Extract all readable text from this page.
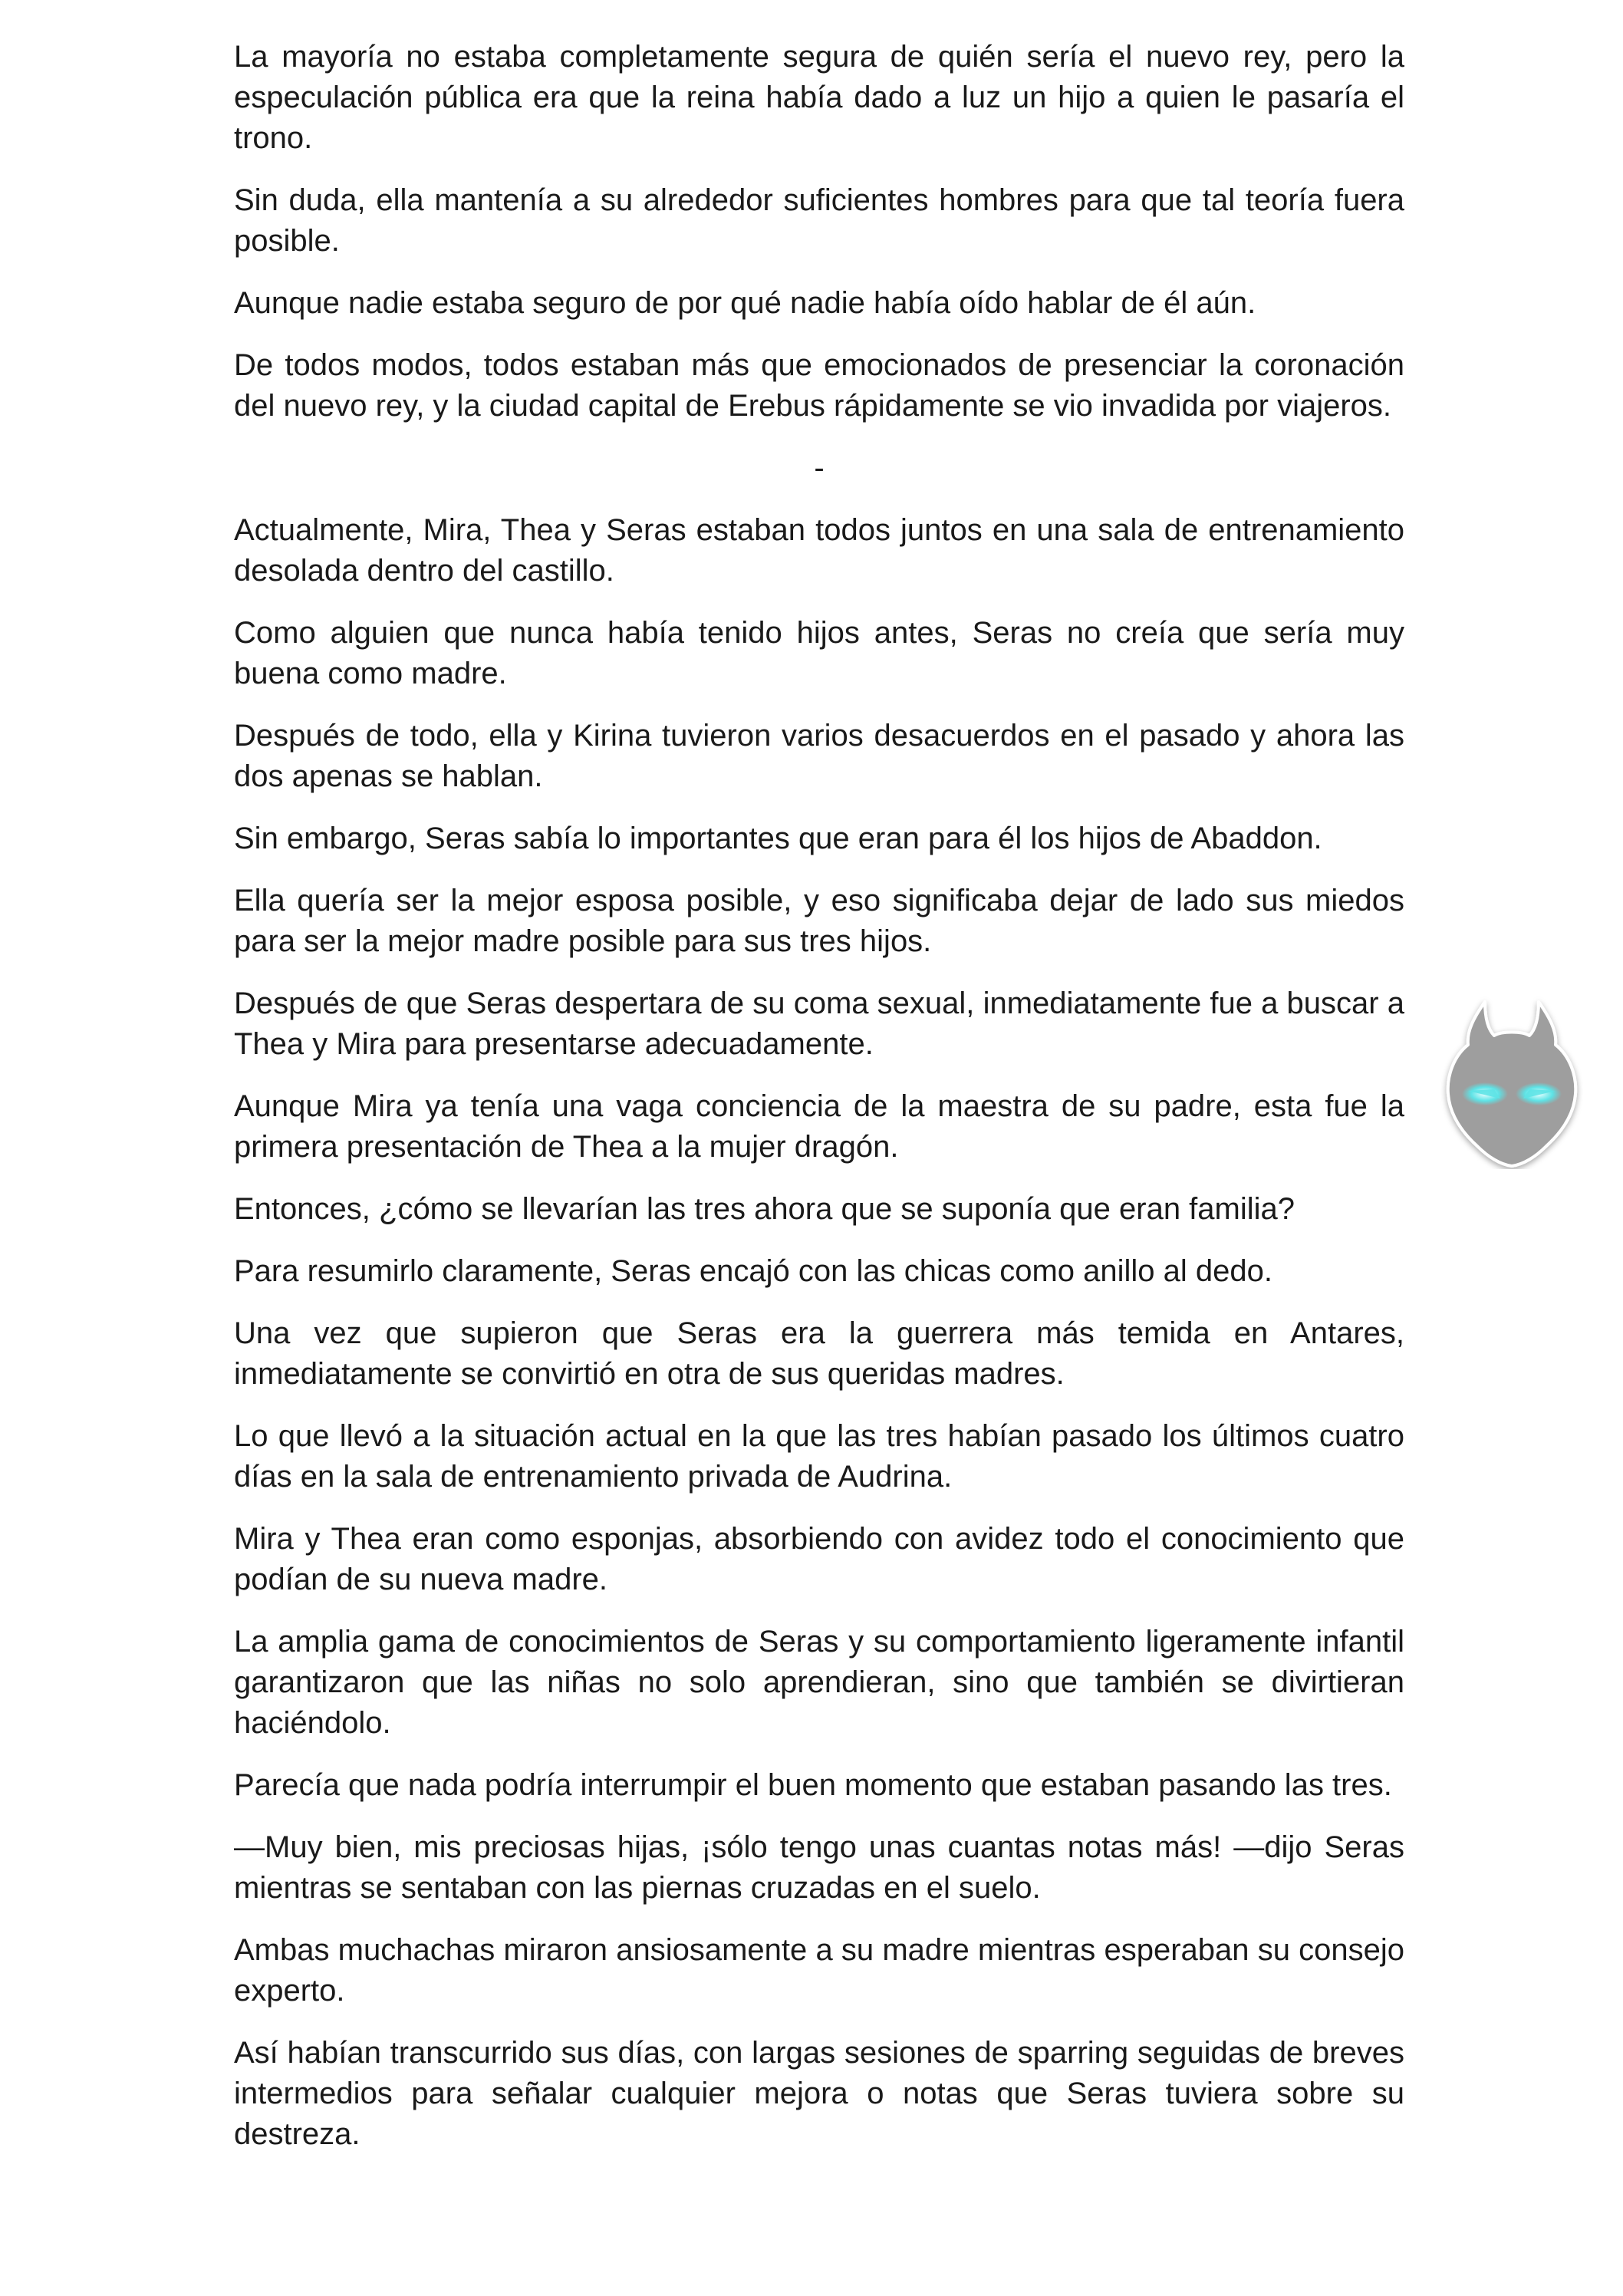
La mayoría no estaba completamente segura de quién sería el nuevo rey, pero la especulación pública era que la reina había dado a luz un hijo a quien le pasaría el trono.

Sin duda, ella mantenía a su alrededor suficientes hombres para que tal teoría fuera posible.

Aunque nadie estaba seguro de por qué nadie había oído hablar de él aún.

De todos modos, todos estaban más que emocionados de presenciar la coronación del nuevo rey, y la ciudad capital de Erebus rápidamente se vio invadida por viajeros.

-

Actualmente, Mira, Thea y Seras estaban todos juntos en una sala de entrenamiento desolada dentro del castillo.

Como alguien que nunca había tenido hijos antes, Seras no creía que sería muy buena como madre.

Después de todo, ella y Kirina tuvieron varios desacuerdos en el pasado y ahora las dos apenas se hablan.

Sin embargo, Seras sabía lo importantes que eran para él los hijos de Abaddon.

Ella quería ser la mejor esposa posible, y eso significaba dejar de lado sus miedos para ser la mejor madre posible para sus tres hijos.

Después de que Seras despertara de su coma sexual, inmediatamente fue a buscar a Thea y Mira para presentarse adecuadamente.

Aunque Mira ya tenía una vaga conciencia de la maestra de su padre, esta fue la primera presentación de Thea a la mujer dragón.

Entonces, ¿cómo se llevarían las tres ahora que se suponía que eran familia?

Para resumirlo claramente, Seras encajó con las chicas como anillo al dedo.

Una vez que supieron que Seras era la guerrera más temida en Antares, inmediatamente se convirtió en otra de sus queridas madres.

Lo que llevó a la situación actual en la que las tres habían pasado los últimos cuatro días en la sala de entrenamiento privada de Audrina.

Mira y Thea eran como esponjas, absorbiendo con avidez todo el conocimiento que podían de su nueva madre.

La amplia gama de conocimientos de Seras y su comportamiento ligeramente infantil garantizaron que las niñas no solo aprendieran, sino que también se divirtieran haciéndolo.

Parecía que nada podría interrumpir el buen momento que estaban pasando las tres.

—Muy bien, mis preciosas hijas, ¡sólo tengo unas cuantas notas más! —dijo Seras mientras se sentaban con las piernas cruzadas en el suelo.

Ambas muchachas miraron ansiosamente a su madre mientras esperaban su consejo experto.

Así habían transcurrido sus días, con largas sesiones de sparring seguidas de breves intermedios para señalar cualquier mejora o notas que Seras tuviera sobre su destreza.
